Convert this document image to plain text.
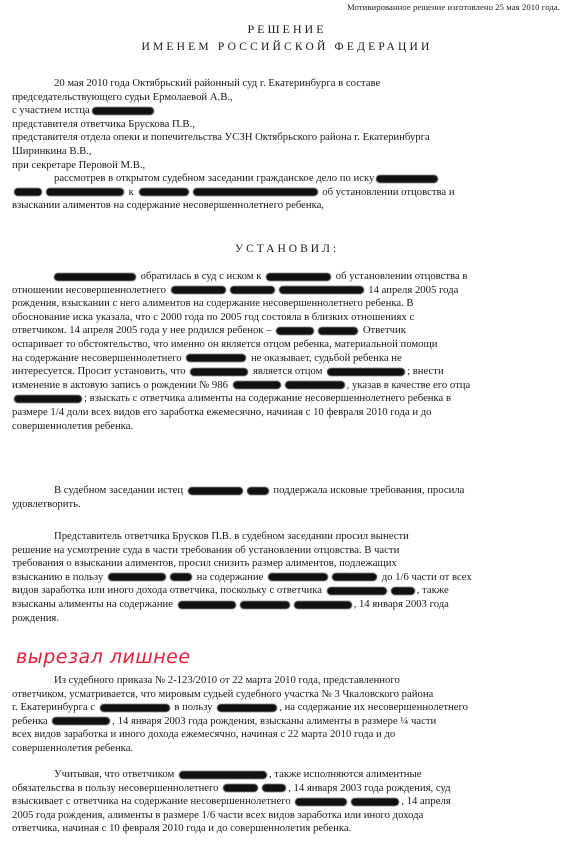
Мотивированное решение изготовлено 25 мая 2010 года.
РЕШЕНИЕ
ИМЕНЕМ РОССИЙСКОЙ ФЕДЕРАЦИИ
20 мая 2010 года Октябрьский районный суд г. Екатеринбурга в составе
председательствующего судьи Ермолаевой А.В.,
с участием истца
представителя ответчика Брускова П.В.,
представителя отдела опеки и попечительства УСЗН Октябрьского района г. Екатеринбурга
Ширинкина В.В.,
при секретаре Перовой М.В.,
рассмотрев в открытом судебном заседании гражданское дело по иску
к	об установлении отцовства и
взыскании алиментов на содержание несовершеннолетнего ребенка,
УСТАНОВИЛ:
обратилась в суд с иском к	об установлении отцовства в
отношении несовершеннолетнего	14 апреля 2005 года
рождения, взыскании с него алиментов на содержание несовершеннолетнего ребенка. В
обоснование иска указала, что с 2000 года по 2005 год состояла в близких отношениях с
ответчиком. 14 апреля 2005 года у нее родился ребенок –	Ответчик
оспаривает то обстоятельство, что именно он является отцом ребенка, материальной помощи
на содержание несовершеннолетнего	не оказывает, судьбой ребенка не
интересуется. Просит установить, что	является отцом	; внести
изменение в актовую запись о рождении № 986	, указав в качестве его отца
; взыскать с ответчика алименты на содержание несовершеннолетнего ребенка в
размере 1/4 доли всех видов его заработка ежемесячно, начиная с 10 февраля 2010 года и до
совершеннолетия ребенка.
В судебном заседании истец	поддержала исковые требования, просила
удовлетворить.
Представитель ответчика Брусков П.В. в судебном заседании просил вынести
решение на усмотрение суда в части требования об установлении отцовства. В части
требования о взыскании алиментов, просил снизить размер алиментов, подлежащих
взысканию в пользу	на содержание	до 1/6 части от всех
видов заработка или иного дохода ответчика, поскольку с ответчика	, также
взысканы алименты на содержание	, 14 января 2003 года
рождения.
вырезал лишнее
Из судебного приказа № 2-123/2010 от 22 марта 2010 года, представленного
ответчиком, усматривается, что мировым судьей судебного участка № 3 Чкаловского района
г. Екатеринбурга с	в пользу	, на содержание их несовершеннолетнего
ребенка	, 14 января 2003 года рождения, взысканы алименты в размере ¼ части
всех видов заработка и иного дохода ежемесячно, начиная с 22 марта 2010 года и до
совершеннолетия ребенка.
Учитывая, что ответчиком	, также исполняются алиментные
обязательства в пользу несовершеннолетнего	, 14 января 2003 года рождения, суд
взыскивает с ответчика на содержание несовершеннолетнего	, 14 апреля
2005 года рождения, алименты в размере 1/6 части всех видов заработка или иного дохода
ответчика, начиная с 10 февраля 2010 года и до совершеннолетия ребенка.
